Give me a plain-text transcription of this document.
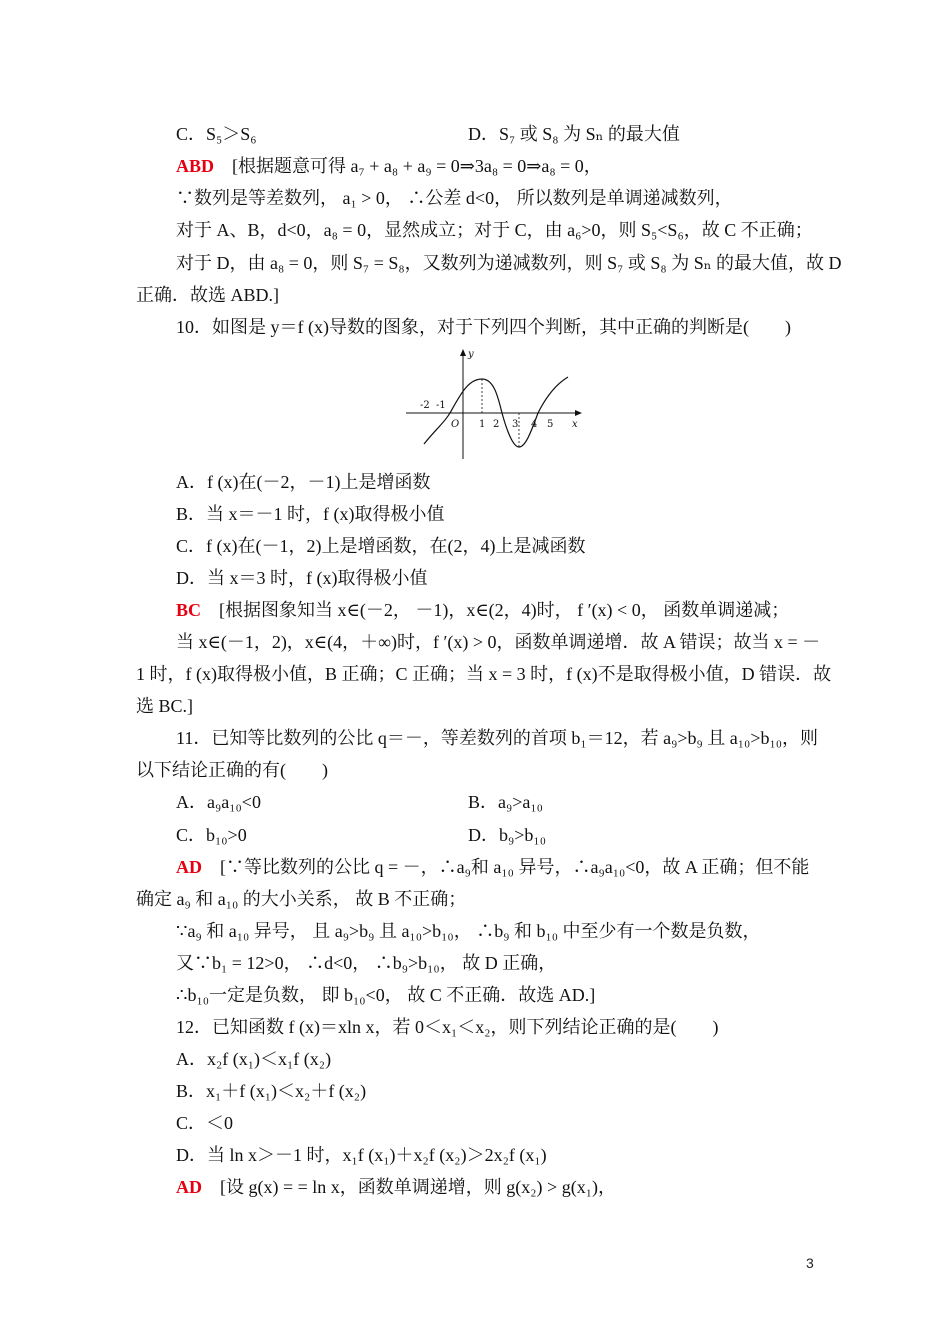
C．S₅＞S₆
ABD　[根据题意可得 a₇ + a₈ + a₉ = 0⇒3a₈ = 0⇒a₈ = 0，
∵数列是等差数列， a₁ > 0， ∴公差 d<0， 所以数列是单调递减数列，
对于 A、B，d<0，a₈ = 0，显然成立；对于 C，由 a₆>0，则 S₅<S₆，故 C 不正确；
对于 D，由 a₈ = 0，则 S₇ = S₈，又数列为递减数列，则 S₇ 或 S₈ 为 Sₙ 的最大值，故 D
正确．故选 ABD.]
10．如图是 y＝f (x)导数的图象，对于下列四个判断，其中正确的判断是(　　)
A．f (x)在(－2，－1)上是增函数
B．当 x＝－1 时，f (x)取得极小值
C．f (x)在(－1，2)上是增函数，在(2，4)上是减函数
D．当 x＝3 时，f (x)取得极小值
BC　[根据图象知当 x∈(－2， －1)，x∈(2，4)时， f ′(x) < 0， 函数单调递减；
当 x∈(－1，2)，x∈(4，＋∞)时，f ′(x) > 0，函数单调递增．故 A 错误；故当 x = －
1 时，f (x)取得极小值，B 正确；C 正确；当 x = 3 时，f (x)不是取得极小值，D 错误．故
选 BC.]
11．已知等比数列的公比 q＝－，等差数列的首项 b₁＝12，若 a₉>b₉ 且 a₁₀>b₁₀，则
以下结论正确的有(　　)
A．a₉a₁₀<0
C．b₁₀>0
AD　[∵等比数列的公比 q = －，∴a₉和 a₁₀ 异号，∴a₉a₁₀<0，故 A 正确；但不能
确定 a₉ 和 a₁₀ 的大小关系， 故 B 不正确；
∵a₉ 和 a₁₀ 异号， 且 a₉>b₉ 且 a₁₀>b₁₀， ∴b₉ 和 b₁₀ 中至少有一个数是负数，
又∵b₁ = 12>0， ∴d<0， ∴b₉>b₁₀， 故 D 正确，
∴b₁₀一定是负数， 即 b₁₀<0， 故 C 不正确．故选 AD.]
12．已知函数 f (x)＝xln x，若 0＜x₁＜x₂，则下列结论正确的是(　　)
A．x₂f (x₁)＜x₁f (x₂)
B．x₁＋f (x₁)＜x₂＋f (x₂)
C．＜0
D．当 ln x＞－1 时，x₁f (x₁)＋x₂f (x₂)＞2x₂f (x₁)
AD　[设 g(x) = = ln x，函数单调递增，则 g(x₂) > g(x₁)，
D．S₇ 或 S₈ 为 Sₙ 的最大值
B．a₉>a₁₀
D．b₉>b₁₀
y
x
O
-2 -1
1 2 3 4 5
3
